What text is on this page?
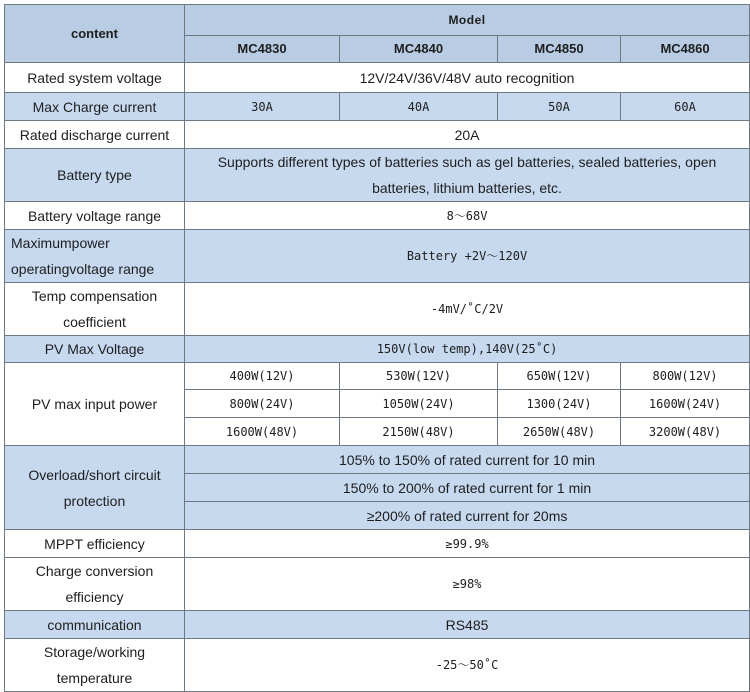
content	Model			
	MC4830	MC4840	MC4850	MC4860
Rated system voltage	12V/24V/36V/48V auto recognition			
Max Charge current	30A	40A	50A	60A
Rated discharge current	20A			
Battery type	Supports different types of batteries such as gel batteries, sealed batteries, open batteries, lithium batteries, etc.			
Battery voltage range	8～68V			
Maximumpower operatingvoltage range	Battery +2V～120V			
Temp compensation coefficient	-4mV/˚C/2V			
PV Max Voltage	150V(low temp),140V(25˚C)			
PV max input power	400W(12V)	530W(12V)	650W(12V)	800W(12V)
	800W(24V)	1050W(24V)	1300(24V)	1600W(24V)
	1600W(48V)	2150W(48V)	2650W(48V)	3200W(48V)
Overload/short circuit protection	105% to 150% of rated current for 10 min			
	150% to 200% of rated current for 1 min			
	≥200% of rated current for 20ms			
MPPT efficiency	≥99.9%			
Charge conversion efficiency	≥98%			
communication	RS485			
Storage/working temperature	-25～50˚C			
